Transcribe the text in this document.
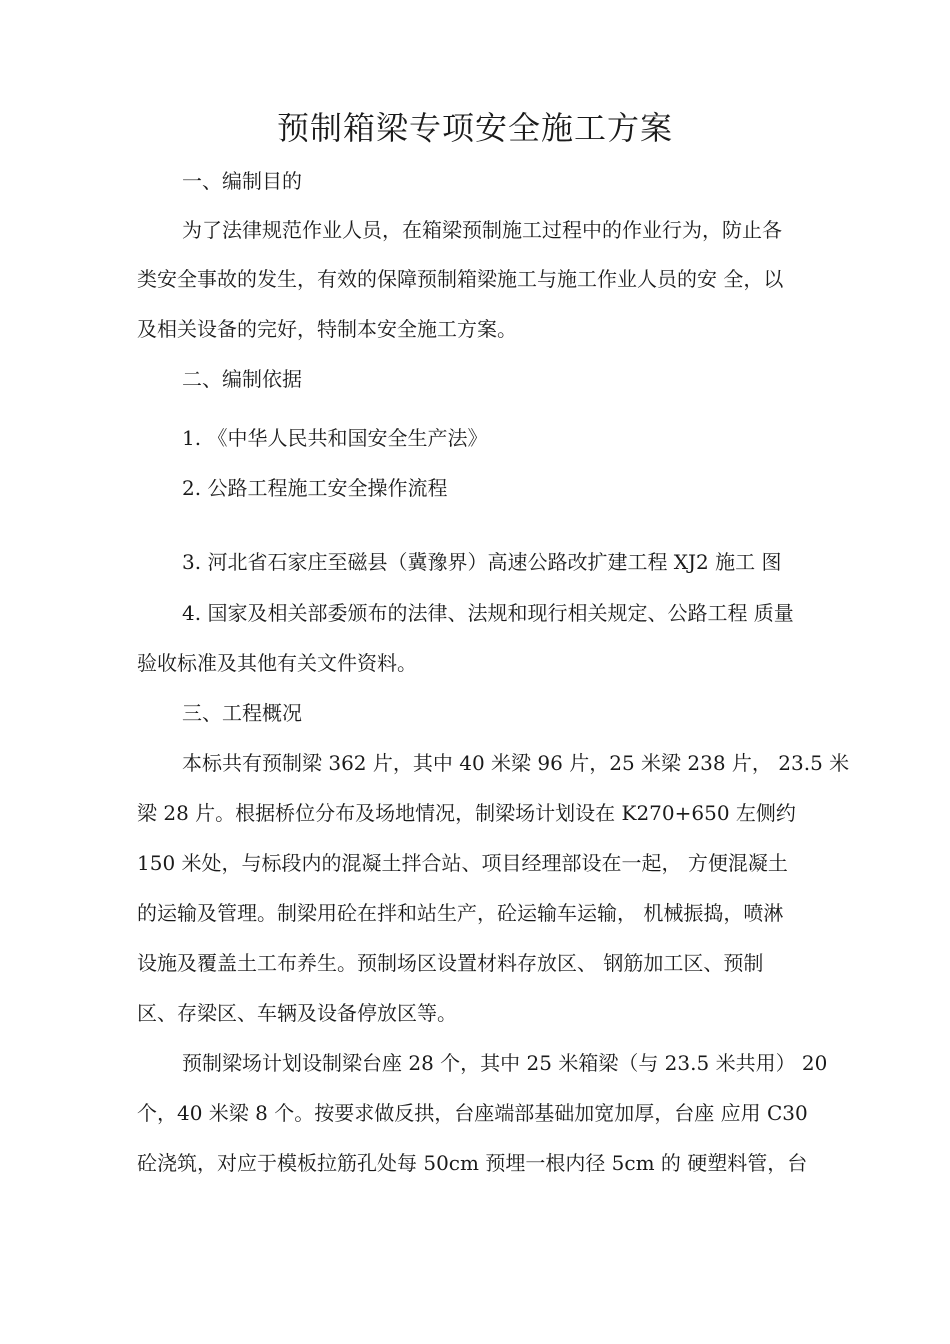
预制箱梁专项安全施工方案
一、编制目的
为了法律规范作业人员，在箱梁预制施工过程中的作业行为，防止各
类安全事故的发生，有效的保障预制箱梁施工与施工作业人员的安 全，以
及相关设备的完好，特制本安全施工方案。
二、编制依据
1. 《中华人民共和国安全生产法》
2. 公路工程施工安全操作流程
3. 河北省石家庄至磁县（冀豫界）高速公路改扩建工程 XJ2 施工 图
4. 国家及相关部委颁布的法律、法规和现行相关规定、公路工程 质量
验收标准及其他有关文件资料。
三、工程概况
本标共有预制梁 362 片，其中 40 米梁 96 片，25 米梁 238 片， 23.5 米
梁 28 片。根据桥位分布及场地情况，制梁场计划设在 K270+650 左侧约
150 米处，与标段内的混凝土拌合站、项目经理部设在一起， 方便混凝土
的运输及管理。制梁用砼在拌和站生产，砼运输车运输， 机械振捣，喷淋
设施及覆盖土工布养生。预制场区设置材料存放区、 钢筋加工区、预制
区、存梁区、车辆及设备停放区等。
预制梁场计划设制梁台座 28 个，其中 25 米箱梁（与 23.5 米共用） 20
个，40 米梁 8 个。按要求做反拱，台座端部基础加宽加厚，台座 应用 C30
砼浇筑，对应于模板拉筋孔处每 50cm 预埋一根内径 5cm 的 硬塑料管，台
